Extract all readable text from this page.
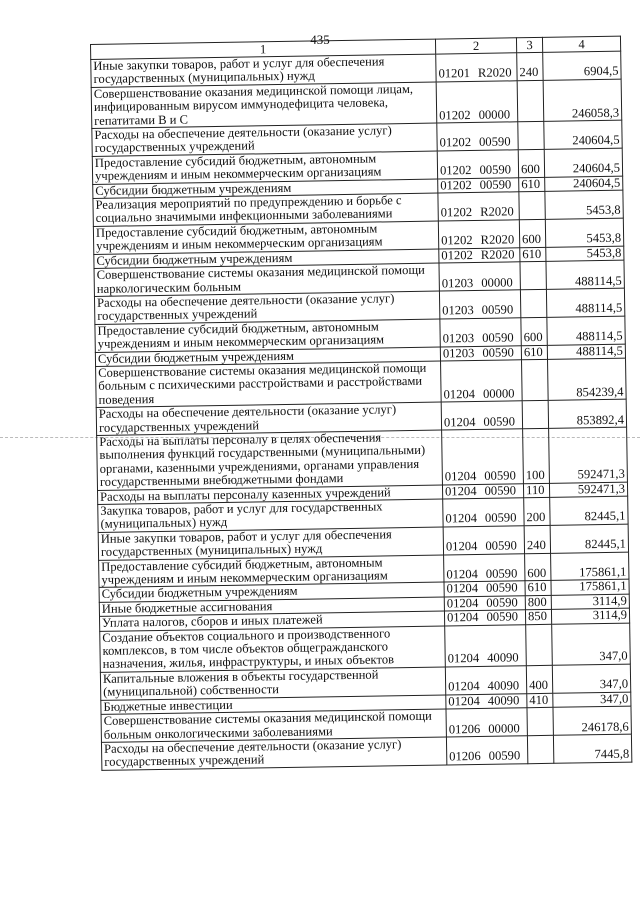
435
1	2	3	4
Иные закупки товаров, работ и услуг для обеспечения государственных (муниципальных) нужд	01201 R2020	240	6904,5
Совершенствование оказания медицинской помощи лицам, инфицированным вирусом иммунодефицита человека, гепатитами В и С	01202 00000		246058,3
Расходы на обеспечение деятельности (оказание услуг) государственных учреждений	01202 00590		240604,5
Предоставление субсидий бюджетным, автономным учреждениям и иным некоммерческим организациям	01202 00590	600	240604,5
Субсидии бюджетным учреждениям	01202 00590	610	240604,5
Реализация мероприятий по предупреждению и борьбе с социально значимыми инфекционными заболеваниями	01202 R2020		5453,8
Предоставление субсидий бюджетным, автономным учреждениям и иным некоммерческим организациям	01202 R2020	600	5453,8
Субсидии бюджетным учреждениям	01202 R2020	610	5453,8
Совершенствование системы оказания медицинской помощи наркологическим больным	01203 00000		488114,5
Расходы на обеспечение деятельности (оказание услуг) государственных учреждений	01203 00590		488114,5
Предоставление субсидий бюджетным, автономным учреждениям и иным некоммерческим организациям	01203 00590	600	488114,5
Субсидии бюджетным учреждениям	01203 00590	610	488114,5
Совершенствование системы оказания медицинской помощи больным с психическими расстройствами и расстройствами поведения	01204 00000		854239,4
Расходы на обеспечение деятельности (оказание услуг) государственных учреждений	01204 00590		853892,4
Расходы на выплаты персоналу в целях обеспечения выполнения функций государственными (муниципальными) органами, казенными учреждениями, органами управления государственными внебюджетными фондами	01204 00590	100	592471,3
Расходы на выплаты персоналу казенных учреждений	01204 00590	110	592471,3
Закупка товаров, работ и услуг для государственных (муниципальных) нужд	01204 00590	200	82445,1
Иные закупки товаров, работ и услуг для обеспечения государственных (муниципальных) нужд	01204 00590	240	82445,1
Предоставление субсидий бюджетным, автономным учреждениям и иным некоммерческим организациям	01204 00590	600	175861,1
Субсидии бюджетным учреждениям	01204 00590	610	175861,1
Иные бюджетные ассигнования	01204 00590	800	3114,9
Уплата налогов, сборов и иных платежей	01204 00590	850	3114,9
Создание объектов социального и производственного комплексов, в том числе объектов общегражданского назначения, жилья, инфраструктуры, и иных объектов	01204 40090		347,0
Капитальные вложения в объекты государственной (муниципальной) собственности	01204 40090	400	347,0
Бюджетные инвестиции	01204 40090	410	347,0
Совершенствование системы оказания медицинской помощи больным онкологическими заболеваниями	01206 00000		246178,6
Расходы на обеспечение деятельности (оказание услуг) государственных учреждений	01206 00590		7445,8
